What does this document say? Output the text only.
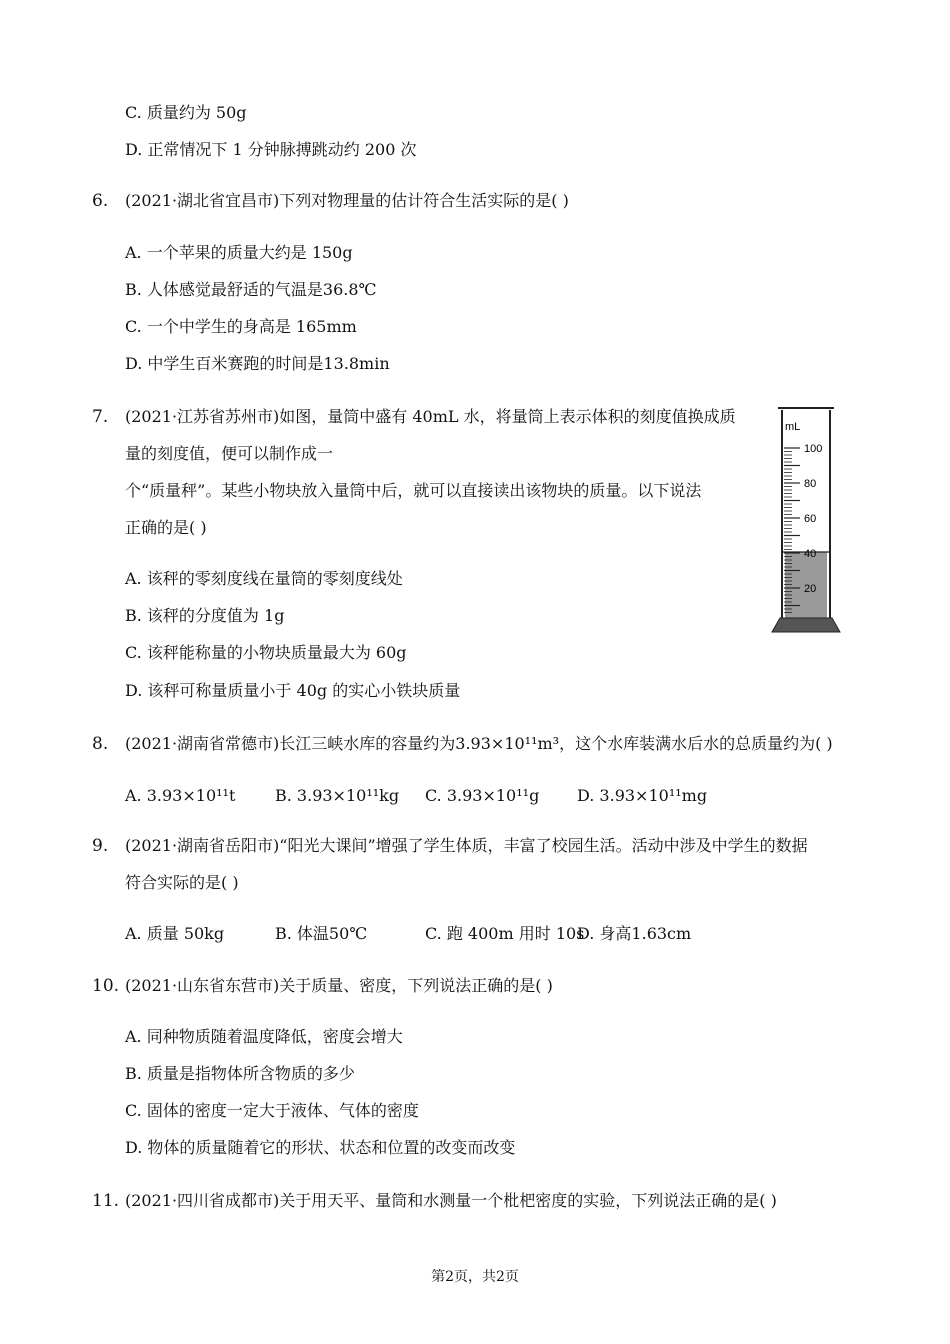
C. 质量约为 50g
D. 正常情况下 1 分钟脉搏跳动约 200 次
6. (2021·湖北省宜昌市)下列对物理量的估计符合生活实际的是( )
A. 一个苹果的质量大约是 150g
B. 人体感觉最舒适的气温是36.8℃
C. 一个中学生的身高是 165mm
D. 中学生百米赛跑的时间是13.8min
7. (2021·江苏省苏州市)如图，量筒中盛有 40mL 水，将量筒上表示体积的刻度值换成质
量的刻度值，便可以制作成一
个“质量秤”。某些小物块放入量筒中后，就可以直接读出该物块的质量。以下说法
正确的是( )
A. 该秤的零刻度线在量筒的零刻度线处
B. 该秤的分度值为 1g
C. 该秤能称量的小物块质量最大为 60g
D. 该秤可称量质量小于 40g 的实心小铁块质量
mL
100
80
60
40
20
8. (2021·湖南省常德市)长江三峡水库的容量约为3.93×10¹¹m³，这个水库装满水后水的总质量约为( )
A. 3.93×10¹¹t B. 3.93×10¹¹kg C. 3.93×10¹¹g D. 3.93×10¹¹mg
9. (2021·湖南省岳阳市)“阳光大课间”增强了学生体质，丰富了校园生活。活动中涉及中学生的数据
符合实际的是( )
A. 质量 50kg	B. 体温50℃	C. 跑 400m 用时 10s
D. 身高1.63cm
10. (2021·山东省东营市)关于质量、密度，下列说法正确的是( )
A. 同种物质随着温度降低，密度会增大
B. 质量是指物体所含物质的多少
C. 固体的密度一定大于液体、气体的密度
D. 物体的质量随着它的形状、状态和位置的改变而改变
11. (2021·四川省成都市)关于用天平、量筒和水测量一个枇杷密度的实验，下列说法正确的是( )
第2页，共2页
